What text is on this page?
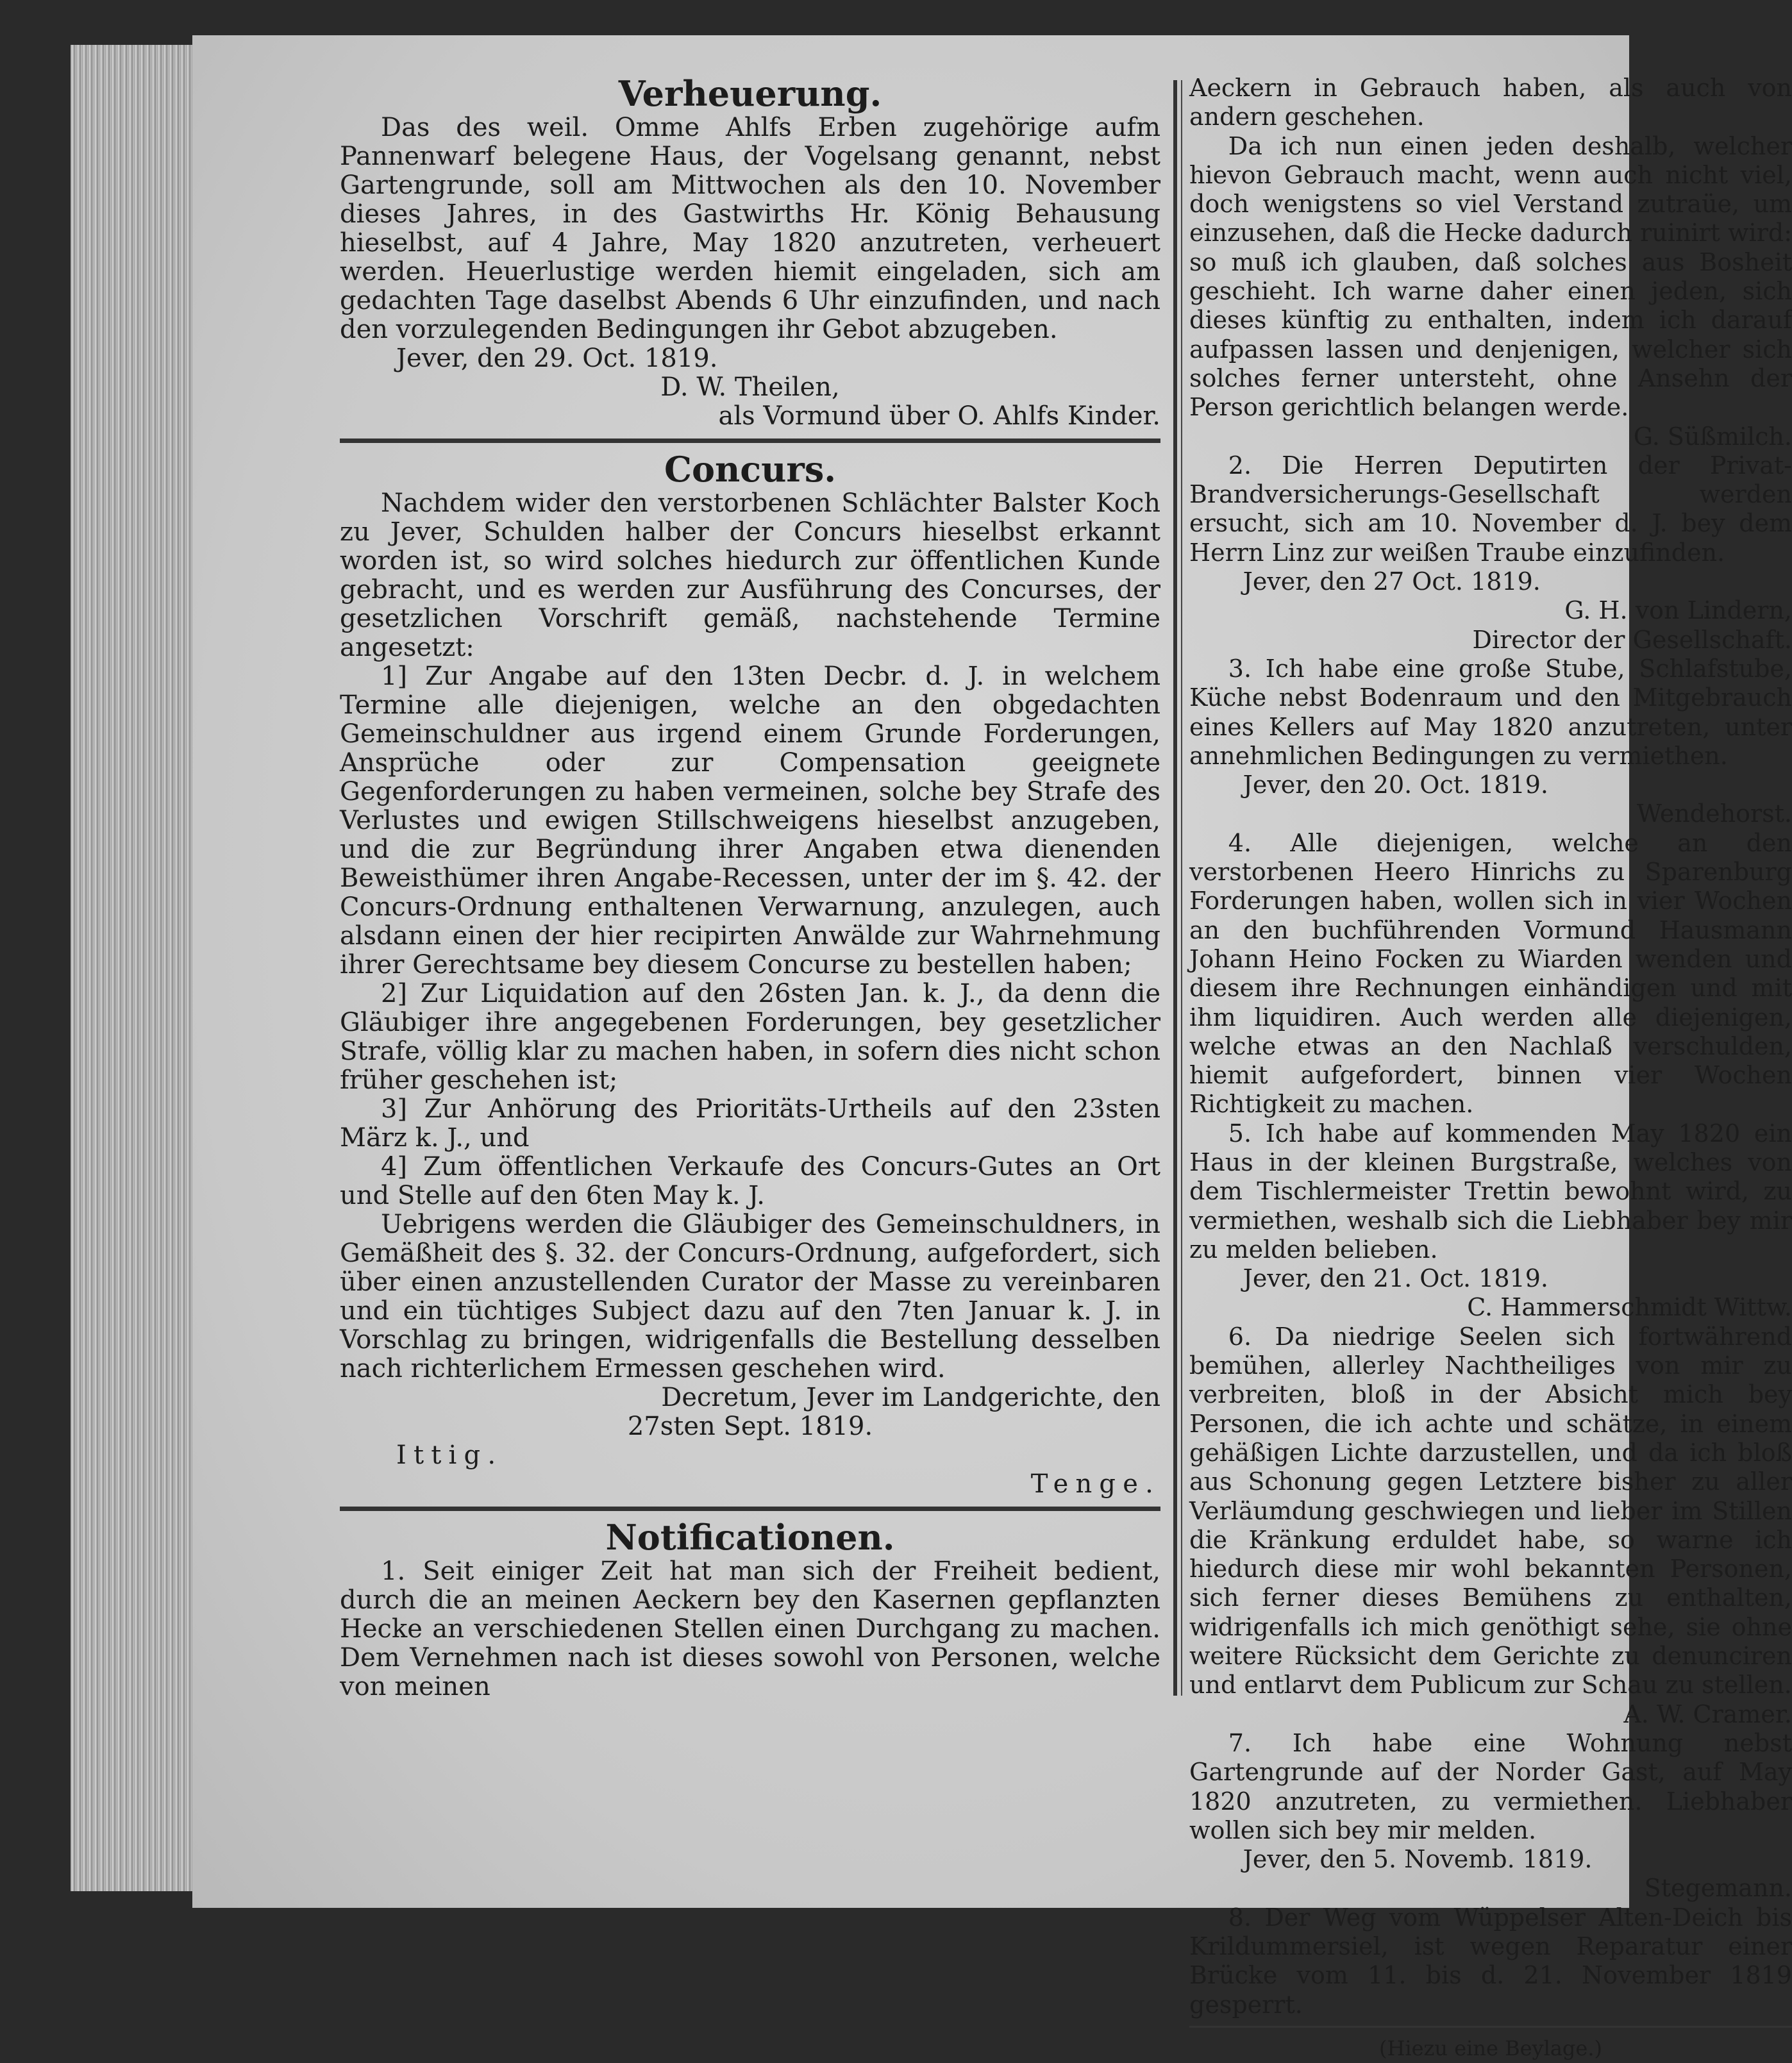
Verheuerung.

Das des weil. Omme Ahlfs Erben zugehörige aufm Pannenwarf belegene Haus, der Vogelsang genannt, nebst Gartengrunde, soll am Mittwochen als den 10. November dieses Jahres, in des Gastwirths Hr. König Behausung hieselbst, auf 4 Jahre, May 1820 anzutreten, verheuert werden. Heuerlustige werden hiemit eingeladen, sich am gedachten Tage daselbst Abends 6 Uhr einzufinden, und nach den vorzulegenden Bedingungen ihr Gebot abzugeben.

Jever, den 29. Oct. 1819.

D. W. Theilen,

als Vormund über O. Ahlfs Kinder.

Concurs.

Nachdem wider den verstorbenen Schlächter Balster Koch zu Jever, Schulden halber der Concurs hieselbst erkannt worden ist, so wird solches hiedurch zur öffentlichen Kunde gebracht, und es werden zur Ausführung des Concurses, der gesetzlichen Vorschrift gemäß, nachstehende Termine angesetzt:

1] Zur Angabe auf den 13ten Decbr. d. J. in welchem Termine alle diejenigen, welche an den obgedachten Gemeinschuldner aus irgend einem Grunde Forderungen, Ansprüche oder zur Compensation geeignete Gegenforderungen zu haben vermeinen, solche bey Strafe des Verlustes und ewigen Stillschweigens hieselbst anzugeben, und die zur Begründung ihrer Angaben etwa dienenden Beweisthümer ihren Angabe-Recessen, unter der im §. 42. der Concurs-Ordnung enthaltenen Verwarnung, anzulegen, auch alsdann einen der hier recipirten Anwälde zur Wahrnehmung ihrer Gerechtsame bey diesem Concurse zu bestellen haben;

2] Zur Liquidation auf den 26sten Jan. k. J., da denn die Gläubiger ihre angegebenen Forderungen, bey gesetzlicher Strafe, völlig klar zu machen haben, in sofern dies nicht schon früher geschehen ist;

3] Zur Anhörung des Prioritäts-Urtheils auf den 23sten März k. J., und

4] Zum öffentlichen Verkaufe des Concurs-Gutes an Ort und Stelle auf den 6ten May k. J.

Uebrigens werden die Gläubiger des Gemeinschuldners, in Gemäßheit des §. 32. der Concurs-Ordnung, aufgefordert, sich über einen anzustellenden Curator der Masse zu vereinbaren und ein tüchtiges Subject dazu auf den 7ten Januar k. J. in Vorschlag zu bringen, widrigenfalls die Bestellung desselben nach richterlichem Ermessen geschehen wird.

Decretum, Jever im Landgerichte, den

27sten Sept. 1819.

Ittig.

Tenge.

Notificationen.

1. Seit einiger Zeit hat man sich der Freiheit bedient, durch die an meinen Aeckern bey den Kasernen gepflanzten Hecke an verschiedenen Stellen einen Durchgang zu machen. Dem Vernehmen nach ist dieses sowohl von Personen, welche von meinen

Aeckern in Gebrauch haben, als auch von andern geschehen.

Da ich nun einen jeden deshalb, welcher hievon Gebrauch macht, wenn auch nicht viel, doch wenigstens so viel Verstand zutraüe, um einzusehen, daß die Hecke dadurch ruinirt wird: so muß ich glauben, daß solches aus Bosheit geschieht. Ich warne daher einen jeden, sich dieses künftig zu enthalten, indem ich darauf aufpassen lassen und denjenigen, welcher sich solches ferner untersteht, ohne Ansehn der Person gerichtlich belangen werde.

G. Süßmilch.

2. Die Herren Deputirten der Privat-Brandversicherungs-Gesellschaft werden ersucht, sich am 10. November d. J. bey dem Herrn Linz zur weißen Traube einzufinden.

Jever, den 27 Oct. 1819.

G. H. von Lindern,

Director der Gesellschaft.

3. Ich habe eine große Stube, Schlafstube, Küche nebst Bodenraum und den Mitgebrauch eines Kellers auf May 1820 anzutreten, unter annehmlichen Bedingungen zu vermiethen.

Jever, den 20. Oct. 1819.

Wendehorst.

4. Alle diejenigen, welche an den verstorbenen Heero Hinrichs zu Sparenburg Forderungen haben, wollen sich in vier Wochen an den buchführenden Vormund Hausmann Johann Heino Focken zu Wiarden wenden und diesem ihre Rechnungen einhändigen und mit ihm liquidiren. Auch werden alle diejenigen, welche etwas an den Nachlaß verschulden, hiemit aufgefordert, binnen vier Wochen Richtigkeit zu machen.

5. Ich habe auf kommenden May 1820 ein Haus in der kleinen Burgstraße, welches von dem Tischlermeister Trettin bewohnt wird, zu vermiethen, weshalb sich die Liebhaber bey mir zu melden belieben.

Jever, den 21. Oct. 1819.

C. Hammerschmidt Wittw.

6. Da niedrige Seelen sich fortwährend bemühen, allerley Nachtheiliges von mir zu verbreiten, bloß in der Absicht mich bey Personen, die ich achte und schätze, in einem gehäßigen Lichte darzustellen, und da ich bloß aus Schonung gegen Letztere bisher zu aller Verläumdung geschwiegen und lieber im Stillen die Kränkung erduldet habe, so warne ich hiedurch diese mir wohl bekannten Personen, sich ferner dieses Bemühens zu enthalten, widrigenfalls ich mich genöthigt sehe, sie ohne weitere Rücksicht dem Gerichte zu denunciren und entlarvt dem Publicum zur Schau zu stellen.

A. W. Cramer.

7. Ich habe eine Wohnung nebst Gartengrunde auf der Norder Gast, auf May 1820 anzutreten, zu vermiethen. Liebhaber wollen sich bey mir melden.

Jever, den 5. Novemb. 1819.

Stegemann.

8. Der Weg vom Wüppelser Alten-Deich bis Krildummersiel, ist wegen Reparatur einer Brücke vom 11. bis d. 21. November 1819 gesperrt.

(Hiezu eine Beylage.)
